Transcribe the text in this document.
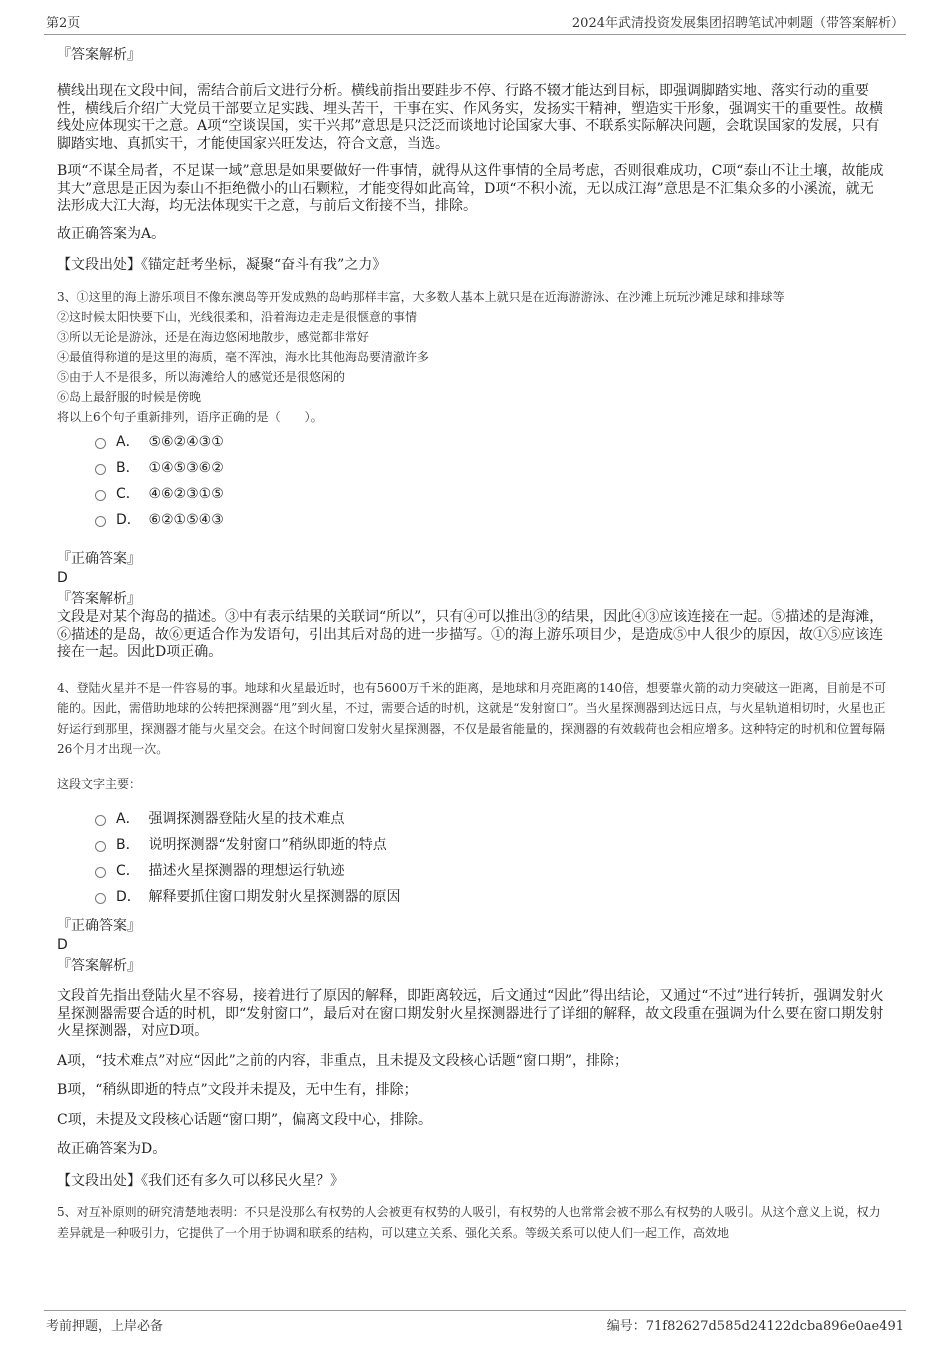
第2页	2024年武清投资发展集团招聘笔试冲刺题（带答案解析）

『答案解析』

横线出现在文段中间，需结合前后文进行分析。横线前指出要跬步不停、行路不辍才能达到目标，即强调脚踏实地、落实行动的重要性，横线后介绍广大党员干部要立足实践、埋头苦干，干事在实、作风务实，发扬实干精神，塑造实干形象，强调实干的重要性。故横线处应体现实干之意。A项“空谈误国，实干兴邦”意思是只泛泛而谈地讨论国家大事、不联系实际解决问题，会耽误国家的发展，只有脚踏实地、真抓实干，才能使国家兴旺发达，符合文意，当选。

B项“不谋全局者，不足谋一域”意思是如果要做好一件事情，就得从这件事情的全局考虑，否则很难成功，C项“泰山不让土壤，故能成其大”意思是正因为泰山不拒绝微小的山石颗粒，才能变得如此高耸，D项“不积小流，无以成江海”意思是不汇集众多的小溪流，就无法形成大江大海，均无法体现实干之意，与前后文衔接不当，排除。

故正确答案为A。

【文段出处】《锚定赶考坐标，凝聚“奋斗有我”之力》

3、①这里的海上游乐项目不像东澳岛等开发成熟的岛屿那样丰富，大多数人基本上就只是在近海游游泳、在沙滩上玩玩沙滩足球和排球等

②这时候太阳快要下山，光线很柔和，沿着海边走走是很惬意的事情

③所以无论是游泳，还是在海边悠闲地散步，感觉都非常好

④最值得称道的是这里的海质，毫不浑浊，海水比其他海岛要清澈许多

⑤由于人不是很多，所以海滩给人的感觉还是很悠闲的

⑥岛上最舒服的时候是傍晚

将以上6个句子重新排列，语序正确的是（　　）。

A． ⑤⑥②④③①
B． ①④⑤③⑥②
C． ④⑥②③①⑤
D． ⑥②①⑤④③

『正确答案』

D

『答案解析』

文段是对某个海岛的描述。③中有表示结果的关联词“所以”，只有④可以推出③的结果，因此④③应该连接在一起。⑤描述的是海滩，⑥描述的是岛，故⑥更适合作为发语句，引出其后对岛的进一步描写。①的海上游乐项目少，是造成⑤中人很少的原因，故①⑤应该连接在一起。因此D项正确。

4、登陆火星并不是一件容易的事。地球和火星最近时，也有5600万千米的距离，是地球和月亮距离的140倍，想要靠火箭的动力突破这一距离，目前是不可能的。因此，需借助地球的公转把探测器“甩”到火星，不过，需要合适的时机，这就是“发射窗口”。当火星探测器到达远日点，与火星轨道相切时，火星也正好运行到那里，探测器才能与火星交会。在这个时间窗口发射火星探测器，不仅是最省能量的，探测器的有效载荷也会相应增多。这种特定的时机和位置每隔26个月才出现一次。

这段文字主要：

A． 强调探测器登陆火星的技术难点
B． 说明探测器“发射窗口”稍纵即逝的特点
C． 描述火星探测器的理想运行轨迹
D． 解释要抓住窗口期发射火星探测器的原因

『正确答案』

D

『答案解析』

文段首先指出登陆火星不容易，接着进行了原因的解释，即距离较远，后文通过“因此”得出结论，又通过“不过”进行转折，强调发射火星探测器需要合适的时机，即“发射窗口”，最后对在窗口期发射火星探测器进行了详细的解释，故文段重在强调为什么要在窗口期发射火星探测器，对应D项。

A项，“技术难点”对应“因此”之前的内容，非重点，且未提及文段核心话题“窗口期”，排除；

B项，“稍纵即逝的特点”文段并未提及，无中生有，排除；

C项，未提及文段核心话题“窗口期”，偏离文段中心，排除。

故正确答案为D。

【文段出处】《我们还有多久可以移民火星？》

5、对互补原则的研究清楚地表明：不只是没那么有权势的人会被更有权势的人吸引，有权势的人也常常会被不那么有权势的人吸引。从这个意义上说，权力差异就是一种吸引力，它提供了一个用于协调和联系的结构，可以建立关系、强化关系。等级关系可以使人们一起工作，高效地

考前押题，上岸必备	编号：71f82627d585d24122dcba896e0ae491
